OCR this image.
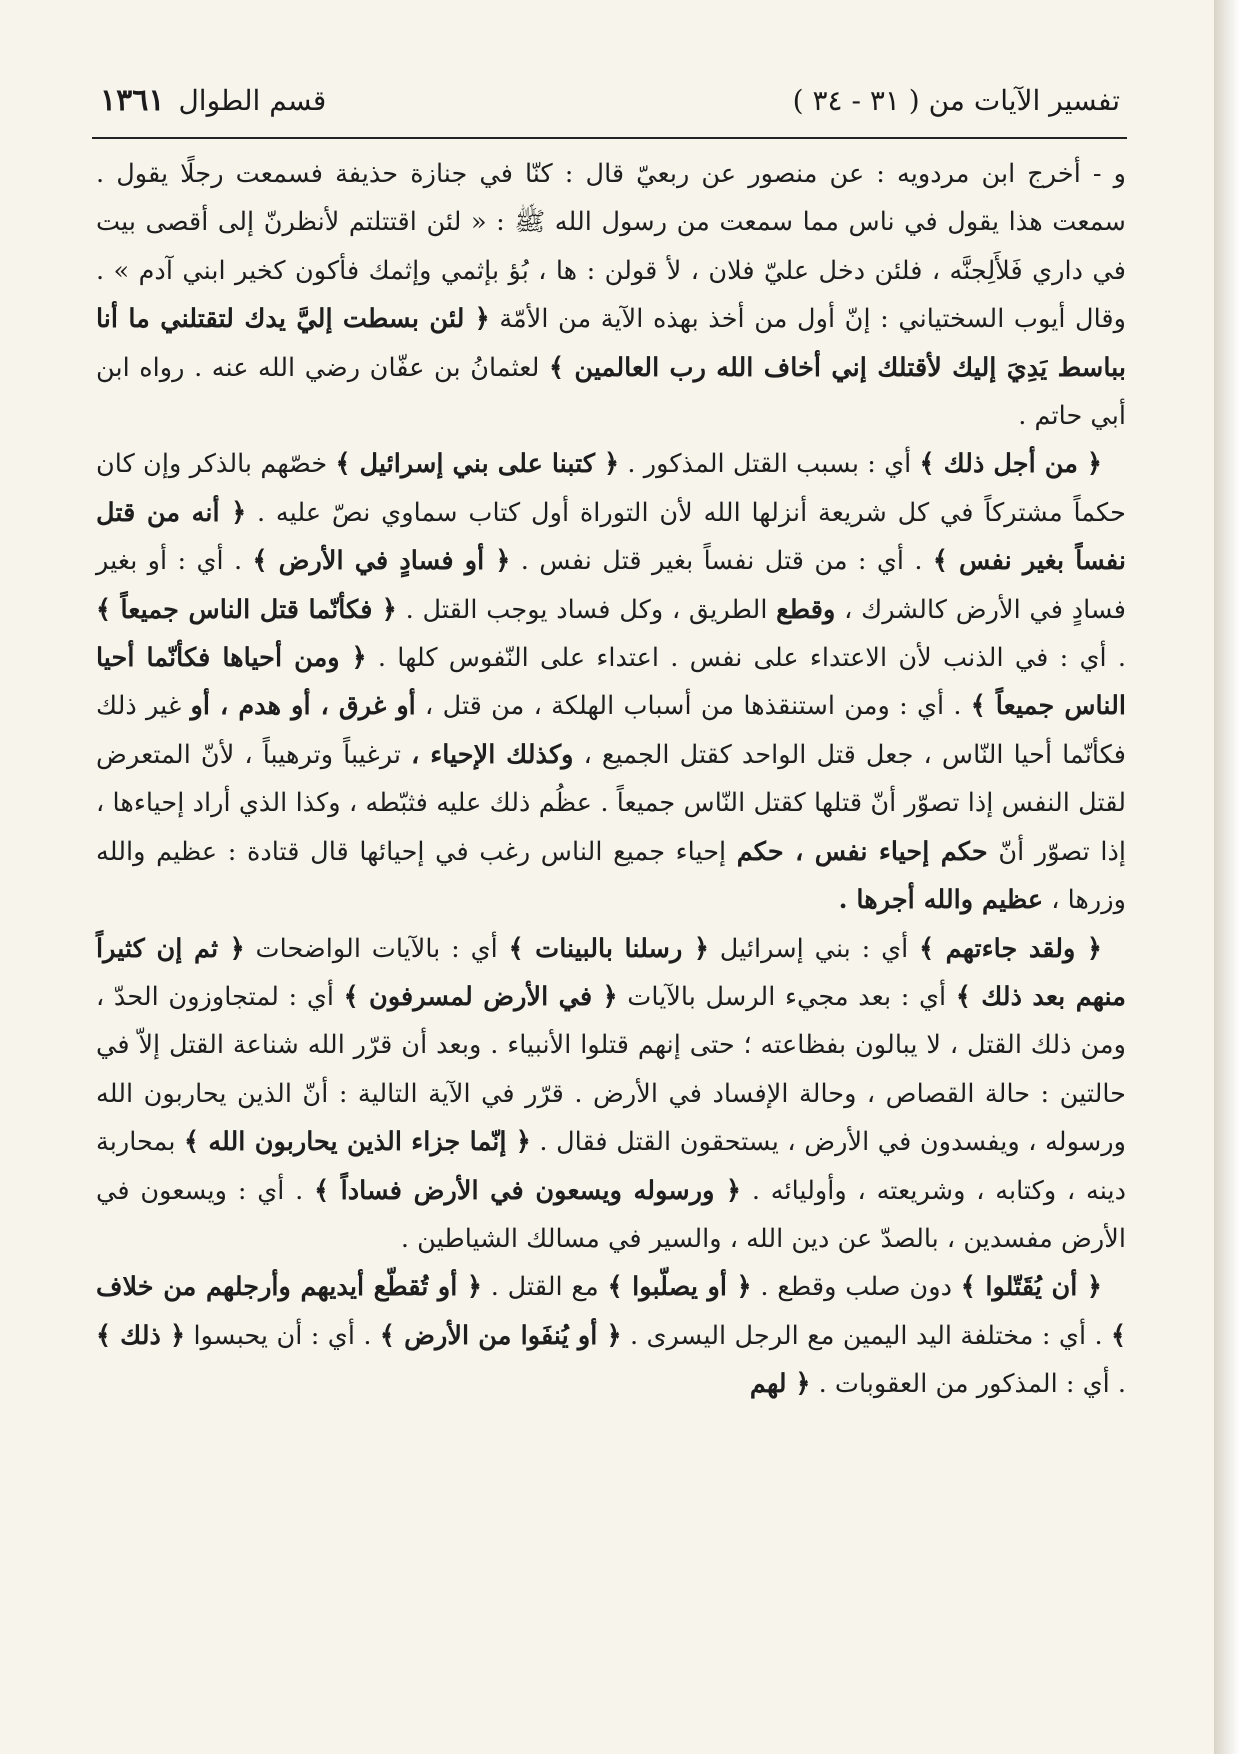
تفسير الآيات من ( ٣١ - ٣٤ )
قسم الطوال
١٣٦١

و - أخرج ابن مردويه : عن منصور عن ربعيّ قال : كنّا في جنازة حذيفة فسمعت رجلًا يقول . سمعت هذا يقول في ناس مما سمعت من رسول الله ﷺ : « لئن اقتتلتم لأنظرنّ إلى أقصى بيت في داري فَلأَلِجنَّه ، فلئن دخل عليّ فلان ، لأ قولن : ها ، بُؤ بإثمي وإثمك فأكون كخير ابني آدم » . وقال أيوب السختياني : إنّ أول من أخذ بهذه الآية من الأمّة ﴿ لئن بسطت إليَّ يدك لتقتلني ما أنا بباسط يَدِيَ إليك لأقتلك إني أخاف الله رب العالمين ﴾ لعثمانُ بن عفّان رضي الله عنه . رواه ابن أبي حاتم .

﴿ من أجل ذلك ﴾ أي : بسبب القتل المذكور . ﴿ كتبنا على بني إسرائيل ﴾ خصّهم بالذكر وإن كان حكماً مشتركاً في كل شريعة أنزلها الله لأن التوراة أول كتاب سماوي نصّ عليه . ﴿ أنه من قتل نفساً بغير نفس ﴾ . أي : من قتل نفساً بغير قتل نفس . ﴿ أو فسادٍ في الأرض ﴾ . أي : أو بغير فسادٍ في الأرض كالشرك ، وقطع الطريق ، وكل فساد يوجب القتل . ﴿ فكأنّما قتل الناس جميعاً ﴾ . أي : في الذنب لأن الاعتداء على نفس . اعتداء على النّفوس كلها . ﴿ ومن أحياها فكأنّما أحيا الناس جميعاً ﴾ . أي : ومن استنقذها من أسباب الهلكة ، من قتل ، أو غرق ، أو هدم ، أو غير ذلك فكأنّما أحيا النّاس ، جعل قتل الواحد كقتل الجميع ، وكذلك الإحياء ، ترغيباً وترهيباً ، لأنّ المتعرض لقتل النفس إذا تصوّر أنّ قتلها كقتل النّاس جميعاً . عظُم ذلك عليه فثبّطه ، وكذا الذي أراد إحياءها ، إذا تصوّر أنّ حكم إحياء نفس ، حكم إحياء جميع الناس رغب في إحيائها قال قتادة : عظيم والله وزرها ، عظيم والله أجرها .

﴿ ولقد جاءتهم ﴾ أي : بني إسرائيل ﴿ رسلنا بالبينات ﴾ أي : بالآيات الواضحات ﴿ ثم إن كثيراً منهم بعد ذلك ﴾ أي : بعد مجيء الرسل بالآيات ﴿ في الأرض لمسرفون ﴾ أي : لمتجاوزون الحدّ ، ومن ذلك القتل ، لا يبالون بفظاعته ؛ حتى إنهم قتلوا الأنبياء . وبعد أن قرّر الله شناعة القتل إلاّ في حالتين : حالة القصاص ، وحالة الإفساد في الأرض . قرّر في الآية التالية : أنّ الذين يحاربون الله ورسوله ، ويفسدون في الأرض ، يستحقون القتل فقال . ﴿ إنّما جزاء الذين يحاربون الله ﴾ بمحاربة دينه ، وكتابه ، وشريعته ، وأوليائه . ﴿ ورسوله ويسعون في الأرض فساداً ﴾ . أي : ويسعون في الأرض مفسدين ، بالصدّ عن دين الله ، والسير في مسالك الشياطين .

﴿ أن يُقَتّلوا ﴾ دون صلب وقطع . ﴿ أو يصلّبوا ﴾ مع القتل . ﴿ أو تُقطّع أيديهم وأرجلهم من خلاف ﴾ . أي : مختلفة اليد اليمين مع الرجل اليسرى . ﴿ أو يُنفَوا من الأرض ﴾ . أي : أن يحبسوا ﴿ ذلك ﴾ . أي : المذكور من العقوبات . ﴿ لهم
